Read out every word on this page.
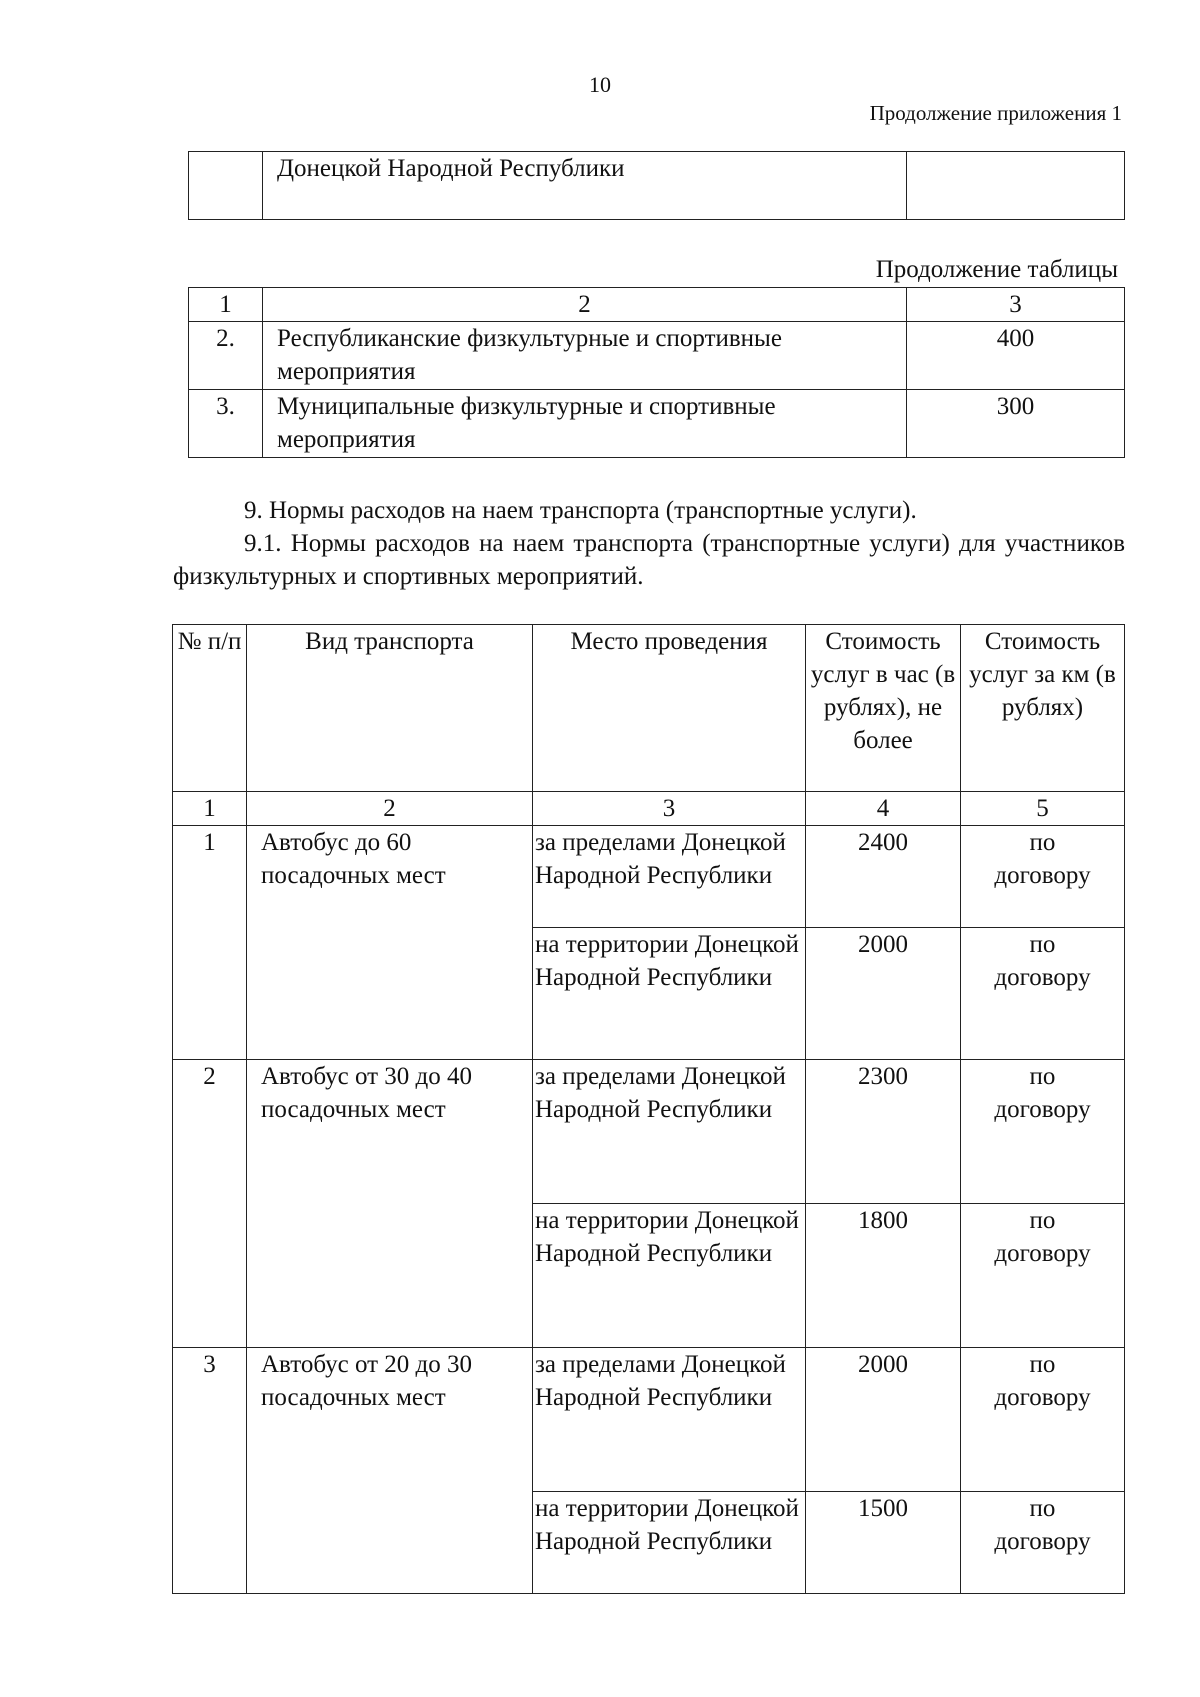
10
Продолжение приложения 1
	Донецкой Народной Республики	
Продолжение таблицы
1	2	3
2.	Республиканские физкультурные и спортивные мероприятия	400
3.	Муниципальные физкультурные и спортивные мероприятия	300
9. Нормы расходов на наем транспорта (транспортные услуги).
9.1. Нормы расходов на наем транспорта (транспортные услуги) для участников физкультурных и спортивных мероприятий.
№ п/п	Вид транспорта	Место проведения	Стоимость услуг в час (в рублях), не более	Стоимость услуг за км (в рублях)
1	2	3	4	5
1	Автобус до 60 посадочных мест	за пределами Донецкой Народной Республики	2400	по договору
		на территории Донецкой Народной Республики	2000	по договору
2	Автобус от 30 до 40 посадочных мест	за пределами Донецкой Народной Республики	2300	по договору
		на территории Донецкой Народной Республики	1800	по договору
3	Автобус от 20 до 30 посадочных мест	за пределами Донецкой Народной Республики	2000	по договору
		на территории Донецкой Народной Республики	1500	по договору
